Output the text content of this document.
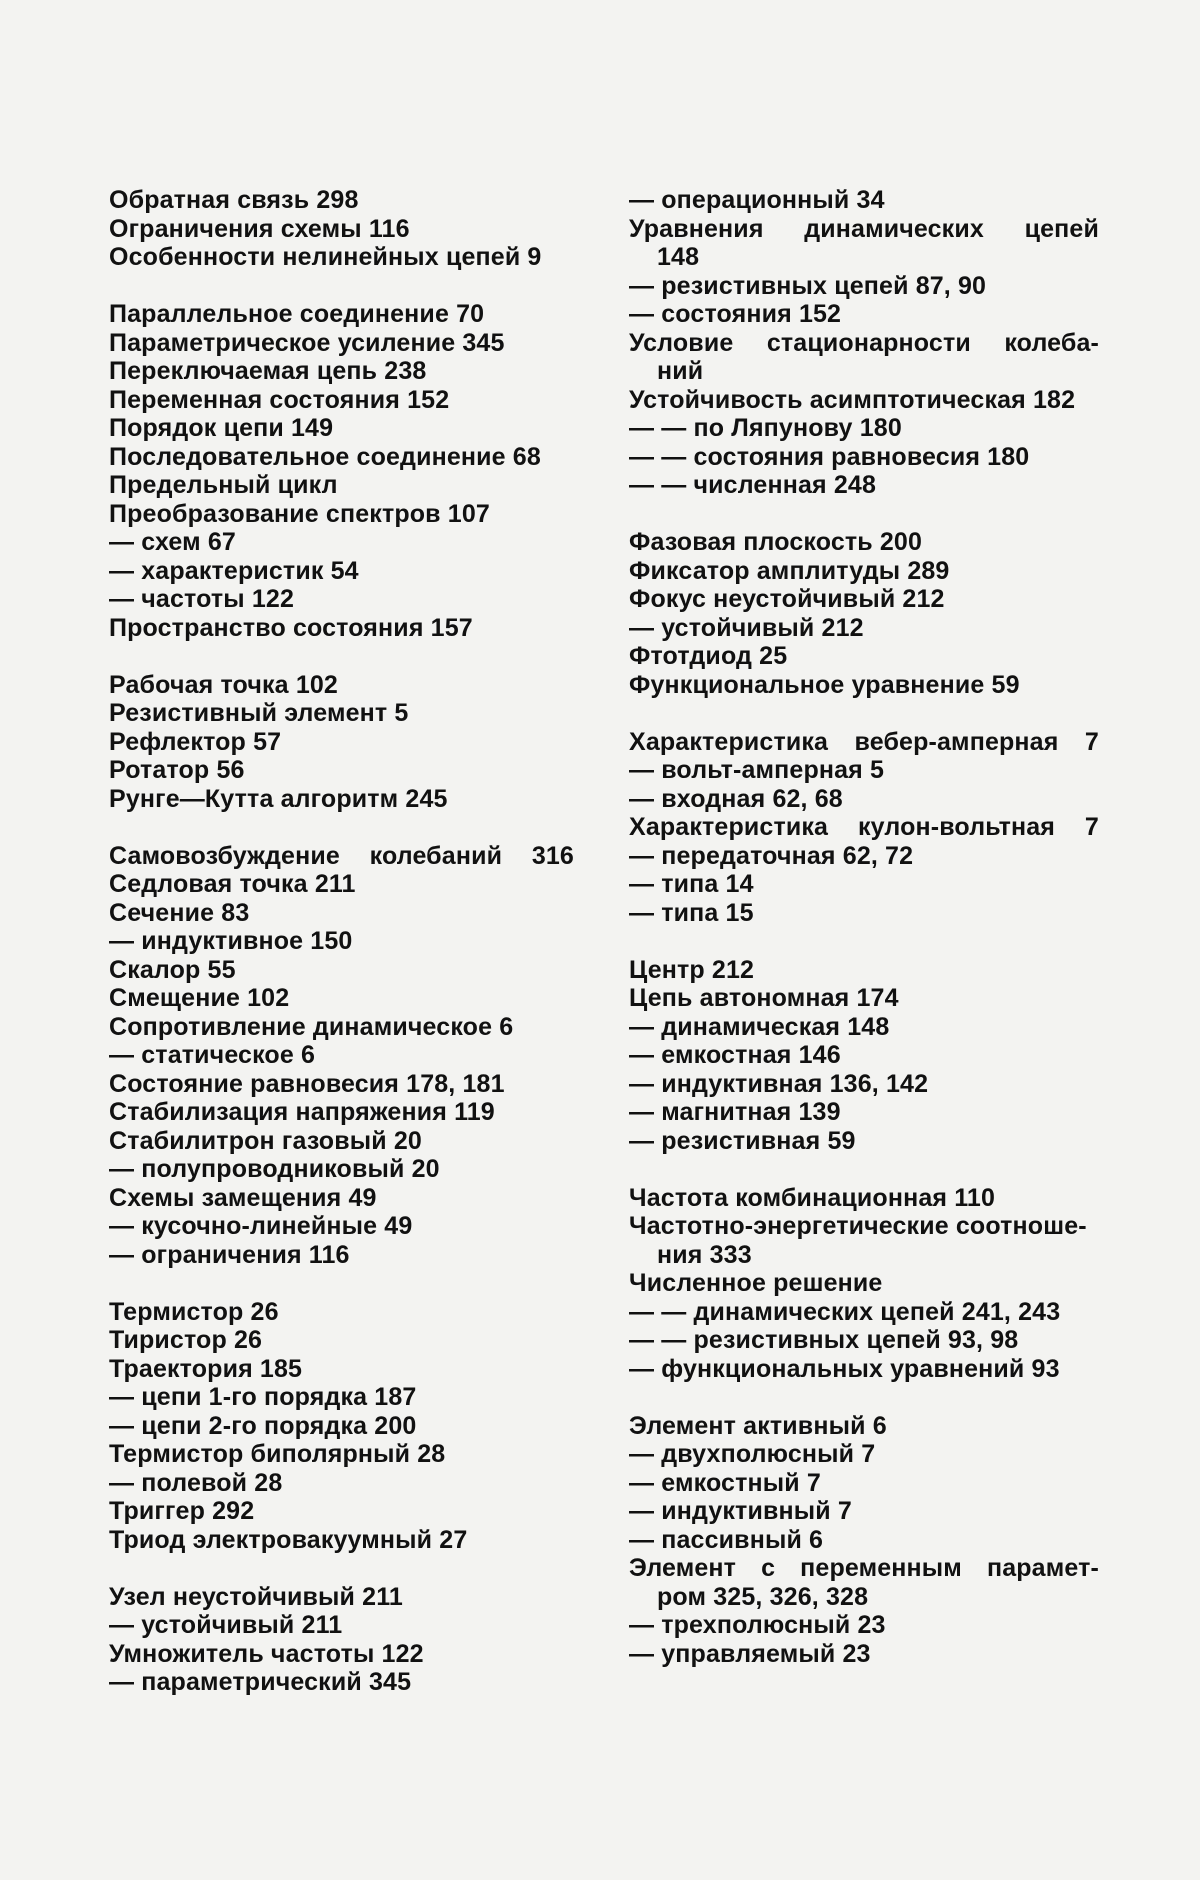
Обратная связь 298
Ограничения схемы 116
Особенности нелинейных цепей 9
Параллельное соединение 70
Параметрическое усиление 345
Переключаемая цепь 238
Переменная состояния 152
Порядок цепи 149
Последовательное соединение 68
Предельный цикл
Преобразование спектров 107
— схем 67
— характеристик 54
— частоты 122
Пространство состояния 157
Рабочая точка 102
Резистивный элемент 5
Рефлектор 57
Ротатор 56
Рунге—Кутта алгоритм 245
Самовозбуждение колебаний 316
Седловая точка 211
Сечение 83
— индуктивное 150
Скалор 55
Смещение 102
Сопротивление динамическое 6
— статическое 6
Состояние равновесия 178, 181
Стабилизация напряжения 119
Стабилитрон газовый 20
— полупроводниковый 20
Схемы замещения 49
— кусочно-линейные 49
— ограничения 116
Термистор 26
Тиристор 26
Траектория 185
— цепи 1-го порядка 187
— цепи 2-го порядка 200
Термистор биполярный 28
— полевой 28
Триггер 292
Триод электровакуумный 27
Узел неустойчивый 211
— устойчивый 211
Умножитель частоты 122
— параметрический 345
— операционный 34
Уравнения динамических цепей
148
— резистивных цепей 87, 90
— состояния 152
Условие стационарности колеба-
ний
Устойчивость асимптотическая 182
— — по Ляпунову 180
— — состояния равновесия 180
— — численная 248
Фазовая плоскость 200
Фиксатор амплитуды 289
Фокус неустойчивый 212
— устойчивый 212
Фтотдиод 25
Функциональное уравнение 59
Характеристика вебер-амперная 7
— вольт-амперная 5
— входная 62, 68
Характеристика кулон-вольтная 7
— передаточная 62, 72
— типа 14
— типа 15
Центр 212
Цепь автономная 174
— динамическая 148
— емкостная 146
— индуктивная 136, 142
— магнитная 139
— резистивная 59
Частота комбинационная 110
Частотно-энергетические соотноше-
ния 333
Численное решение
— — динамических цепей 241, 243
— — резистивных цепей 93, 98
— функциональных уравнений 93
Элемент активный 6
— двухполюсный 7
— емкостный 7
— индуктивный 7
— пассивный 6
Элемент с переменным парамет-
ром 325, 326, 328
— трехполюсный 23
— управляемый 23
